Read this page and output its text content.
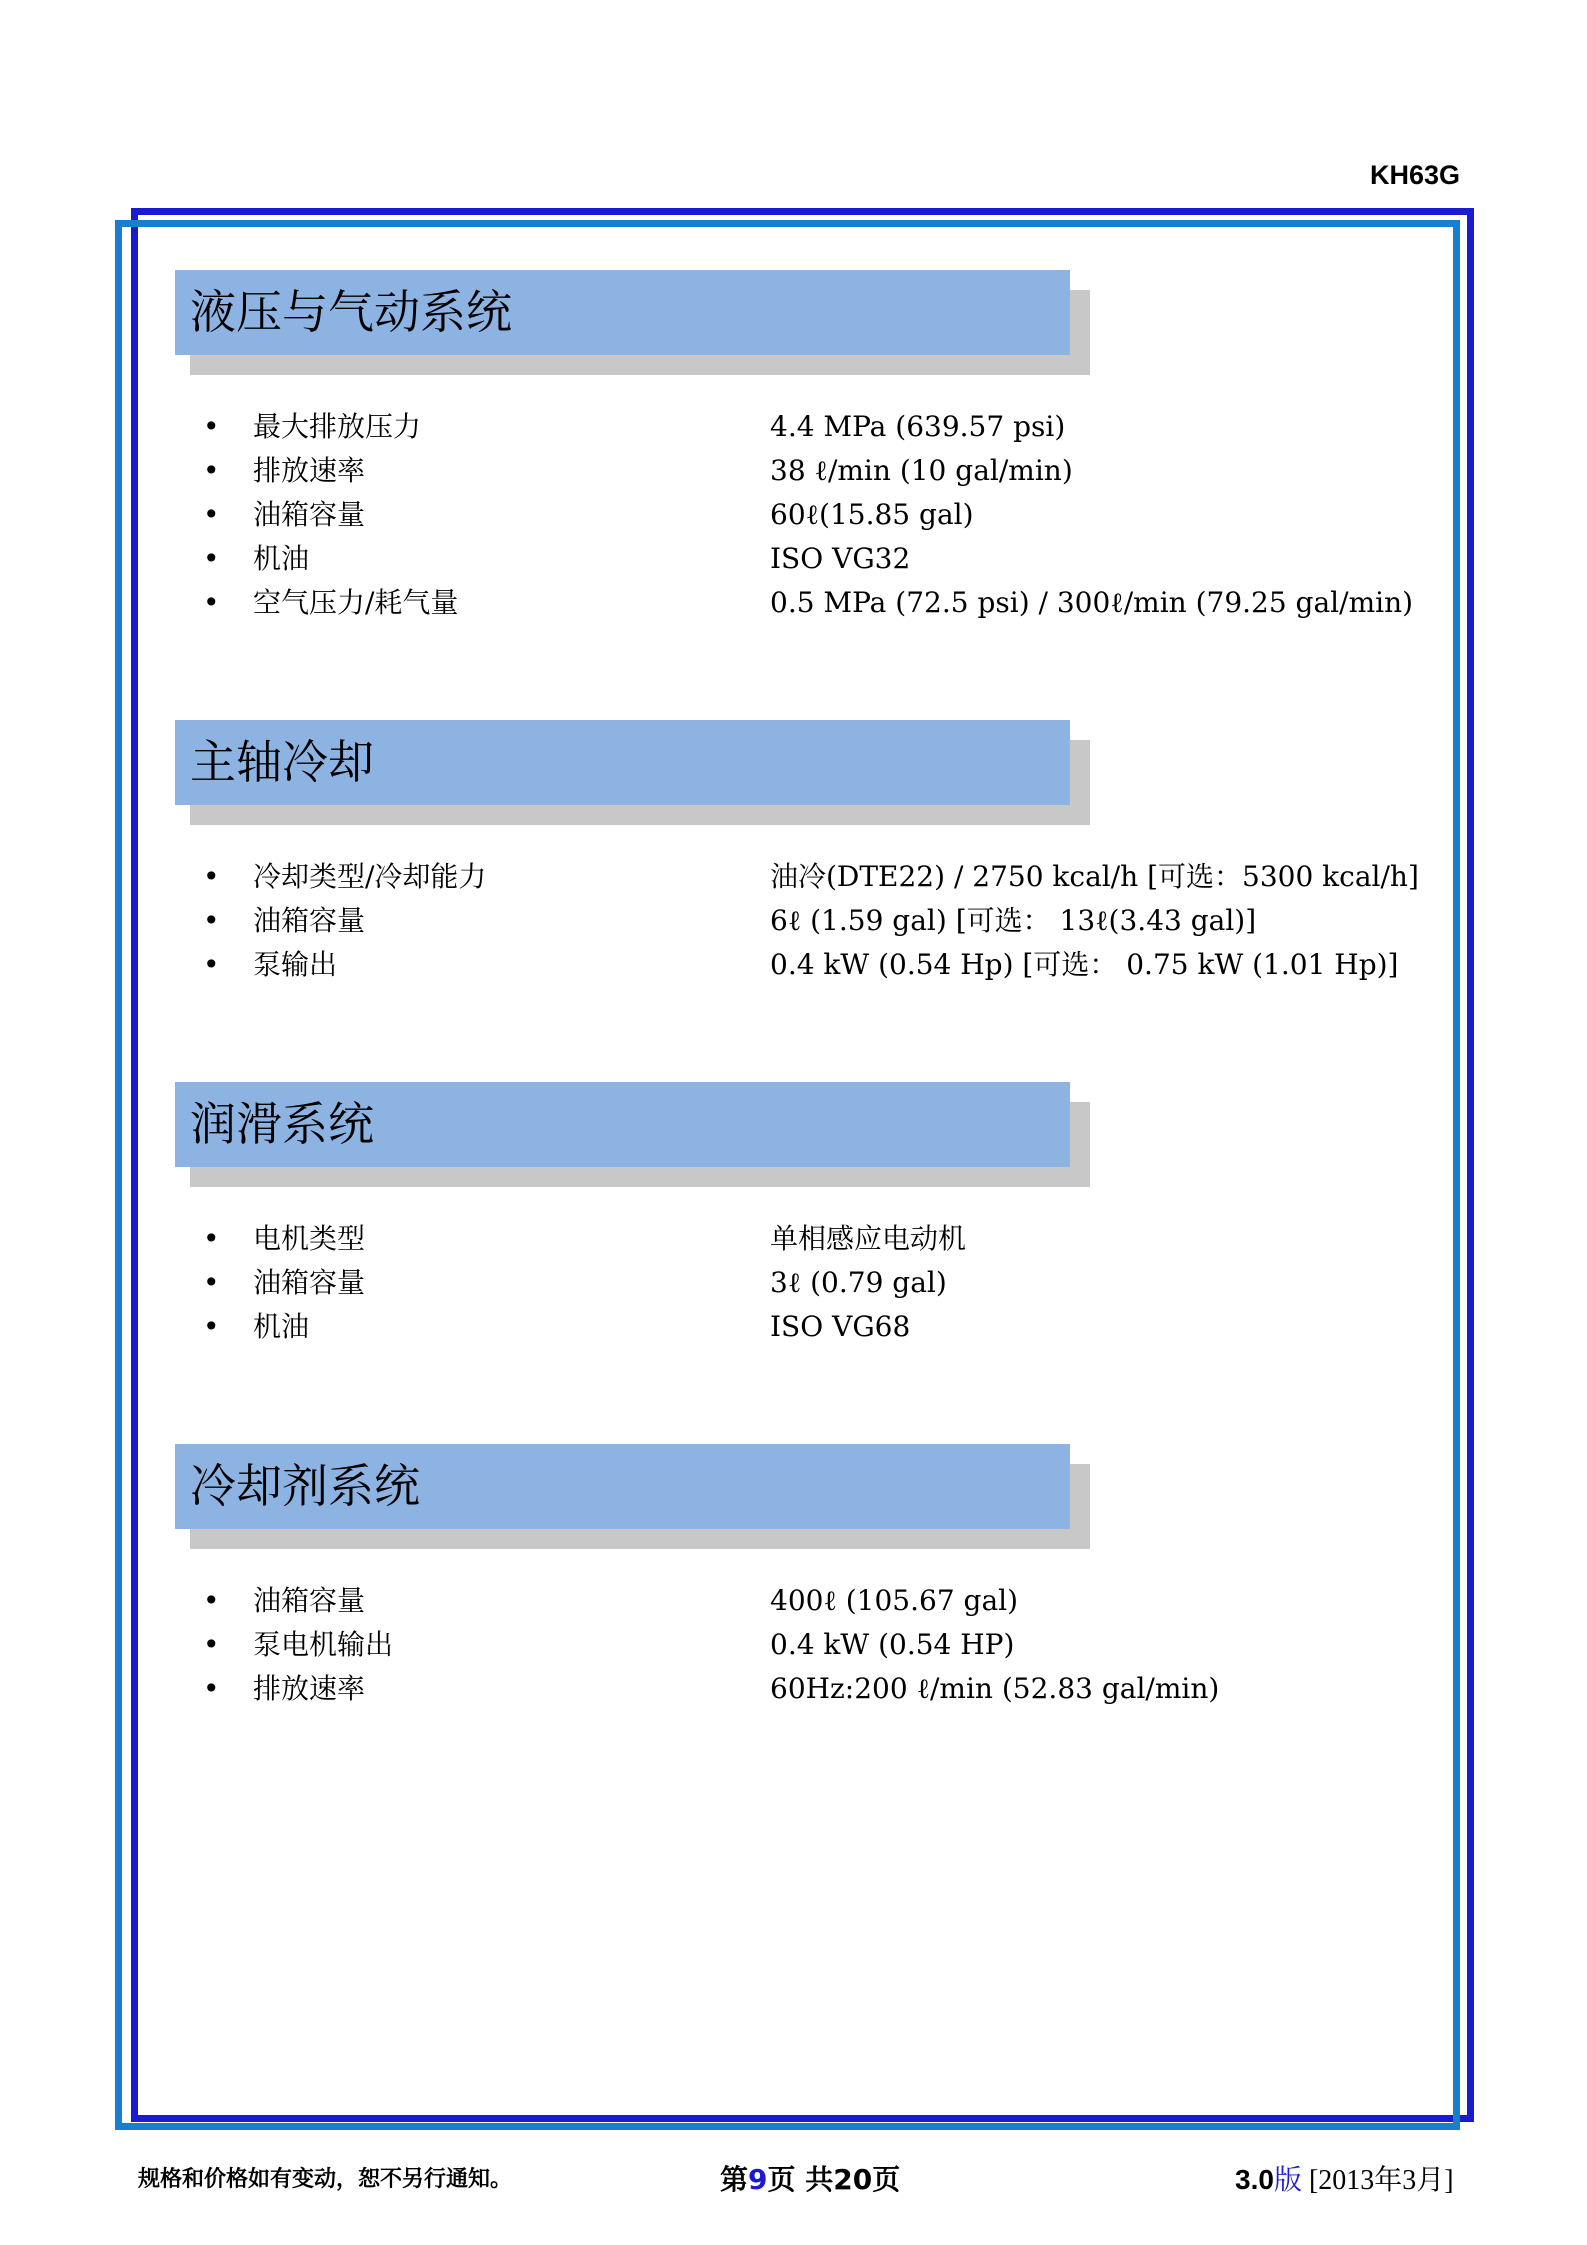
KH63G
液压与气动系统
• 最大排放压力	4.4 MPa (639.57 psi)
• 排放速率	38 ℓ/min (10 gal/min)
• 油箱容量	60ℓ(15.85 gal)
• 机油	ISO VG32
• 空气压力/耗气量	0.5 MPa (72.5 psi) / 300ℓ/min (79.25 gal/min)
主轴冷却
• 冷却类型/冷却能力	油冷(DTE22) / 2750 kcal/h [可选：5300 kcal/h]
• 油箱容量	6ℓ (1.59 gal) [可选： 13ℓ(3.43 gal)]
• 泵输出	0.4 kW (0.54 Hp) [可选： 0.75 kW (1.01 Hp)]
润滑系统
• 电机类型	单相感应电动机
• 油箱容量	3ℓ (0.79 gal)
• 机油	ISO VG68
冷却剂系统
• 油箱容量	400ℓ (105.67 gal)
• 泵电机输出	0.4 kW (0.54 HP)
• 排放速率	60Hz:200 ℓ/min (52.83 gal/min)
规格和价格如有变动，恕不另行通知。	第9页 共20页	3.0版 [2013年3月]
